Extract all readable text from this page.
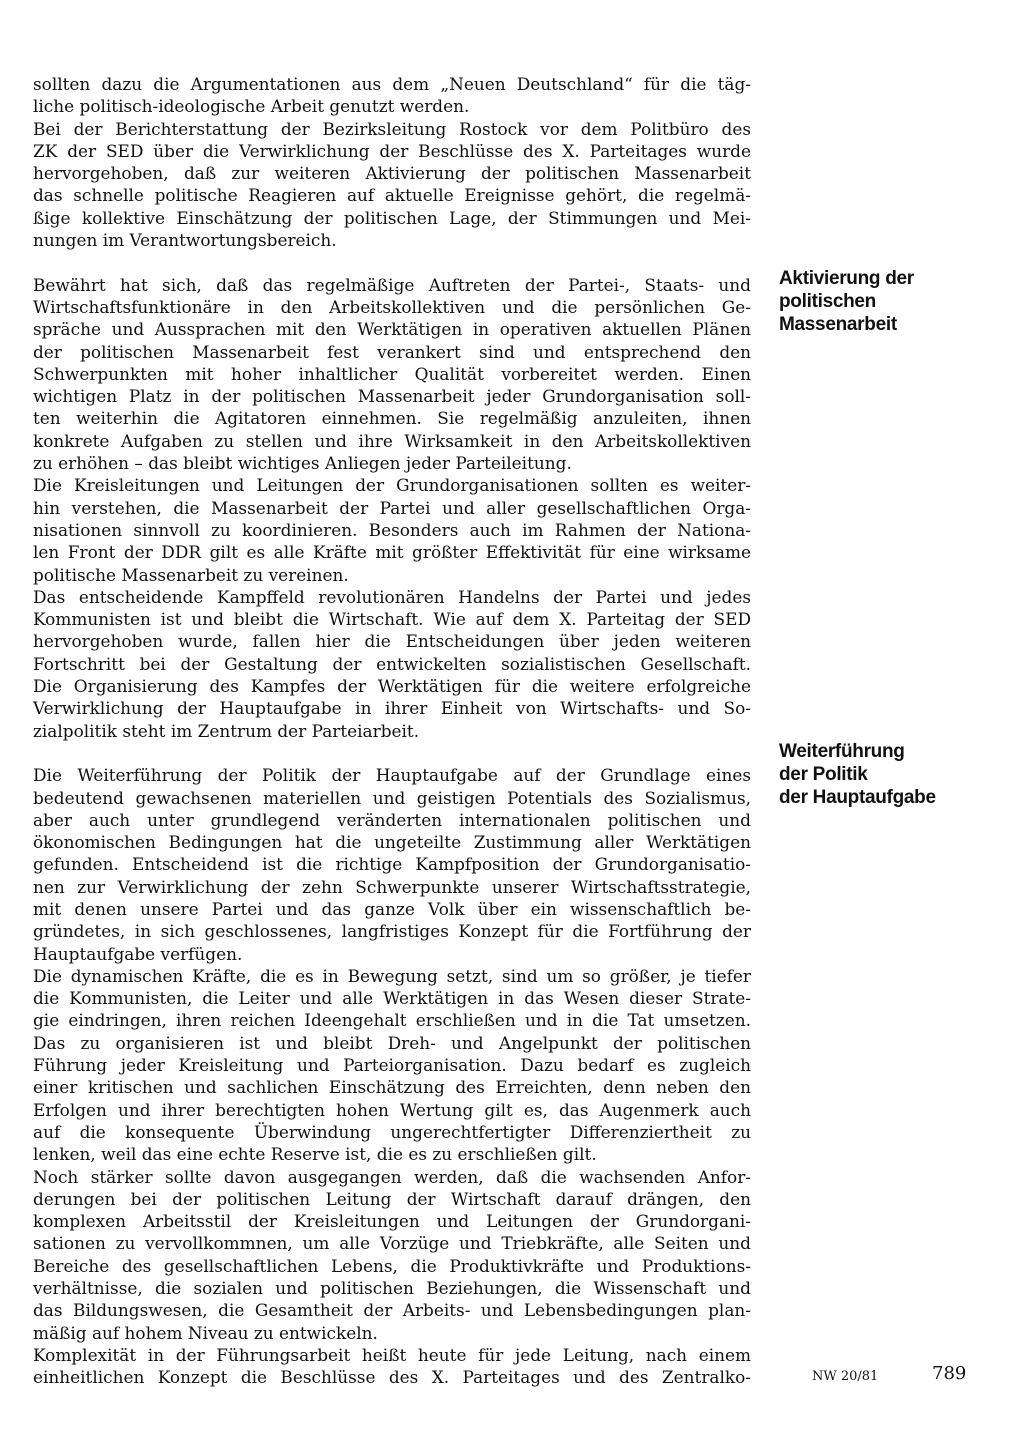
sollten dazu die Argumentationen aus dem „Neuen Deutschland“ für die täg-
liche politisch-ideologische Arbeit genutzt werden.
Bei der Berichterstattung der Bezirksleitung Rostock vor dem Politbüro des
ZK der SED über die Verwirklichung der Beschlüsse des X. Parteitages wurde
hervorgehoben, daß zur weiteren Aktivierung der politischen Massenarbeit
das schnelle politische Reagieren auf aktuelle Ereignisse gehört, die regelmä-
ßige kollektive Einschätzung der politischen Lage, der Stimmungen und Mei-
nungen im Verantwortungsbereich.
Bewährt hat sich, daß das regelmäßige Auftreten der Partei-, Staats- und
Wirtschaftsfunktionäre in den Arbeitskollektiven und die persönlichen Ge-
spräche und Aussprachen mit den Werktätigen in operativen aktuellen Plänen
der politischen Massenarbeit fest verankert sind und entsprechend den
Schwerpunkten mit hoher inhaltlicher Qualität vorbereitet werden. Einen
wichtigen Platz in der politischen Massenarbeit jeder Grundorganisation soll-
ten weiterhin die Agitatoren einnehmen. Sie regelmäßig anzuleiten, ihnen
konkrete Aufgaben zu stellen und ihre Wirksamkeit in den Arbeitskollektiven
zu erhöhen – das bleibt wichtiges Anliegen jeder Parteileitung.
Die Kreisleitungen und Leitungen der Grundorganisationen sollten es weiter-
hin verstehen, die Massenarbeit der Partei und aller gesellschaftlichen Orga-
nisationen sinnvoll zu koordinieren. Besonders auch im Rahmen der Nationa-
len Front der DDR gilt es alle Kräfte mit größter Effektivität für eine wirksame
politische Massenarbeit zu vereinen.
Das entscheidende Kampffeld revolutionären Handelns der Partei und jedes
Kommunisten ist und bleibt die Wirtschaft. Wie auf dem X. Parteitag der SED
hervorgehoben wurde, fallen hier die Entscheidungen über jeden weiteren
Fortschritt bei der Gestaltung der entwickelten sozialistischen Gesellschaft.
Die Organisierung des Kampfes der Werktätigen für die weitere erfolgreiche
Verwirklichung der Hauptaufgabe in ihrer Einheit von Wirtschafts- und So-
zialpolitik steht im Zentrum der Parteiarbeit.
Die Weiterführung der Politik der Hauptaufgabe auf der Grundlage eines
bedeutend gewachsenen materiellen und geistigen Potentials des Sozialismus,
aber auch unter grundlegend veränderten internationalen politischen und
ökonomischen Bedingungen hat die ungeteilte Zustimmung aller Werktätigen
gefunden. Entscheidend ist die richtige Kampfposition der Grundorganisatio-
nen zur Verwirklichung der zehn Schwerpunkte unserer Wirtschaftsstrategie,
mit denen unsere Partei und das ganze Volk über ein wissenschaftlich be-
gründetes, in sich geschlossenes, langfristiges Konzept für die Fortführung der
Hauptaufgabe verfügen.
Die dynamischen Kräfte, die es in Bewegung setzt, sind um so größer, je tiefer
die Kommunisten, die Leiter und alle Werktätigen in das Wesen dieser Strate-
gie eindringen, ihren reichen Ideengehalt erschließen und in die Tat umsetzen.
Das zu organisieren ist und bleibt Dreh- und Angelpunkt der politischen
Führung jeder Kreisleitung und Parteiorganisation. Dazu bedarf es zugleich
einer kritischen und sachlichen Einschätzung des Erreichten, denn neben den
Erfolgen und ihrer berechtigten hohen Wertung gilt es, das Augenmerk auch
auf die konsequente Überwindung ungerechtfertigter Differenziertheit zu
lenken, weil das eine echte Reserve ist, die es zu erschließen gilt.
Noch stärker sollte davon ausgegangen werden, daß die wachsenden Anfor-
derungen bei der politischen Leitung der Wirtschaft darauf drängen, den
komplexen Arbeitsstil der Kreisleitungen und Leitungen der Grundorgani-
sationen zu vervollkommnen, um alle Vorzüge und Triebkräfte, alle Seiten und
Bereiche des gesellschaftlichen Lebens, die Produktivkräfte und Produktions-
verhältnisse, die sozialen und politischen Beziehungen, die Wissenschaft und
das Bildungswesen, die Gesamtheit der Arbeits- und Lebensbedingungen plan-
mäßig auf hohem Niveau zu entwickeln.
Komplexität in der Führungsarbeit heißt heute für jede Leitung, nach einem
einheitlichen Konzept die Beschlüsse des X. Parteitages und des Zentralko-
Aktivierung der
politischen
Massenarbeit
Weiterführung
der Politik
der Hauptaufgabe
NW 20/81	789
